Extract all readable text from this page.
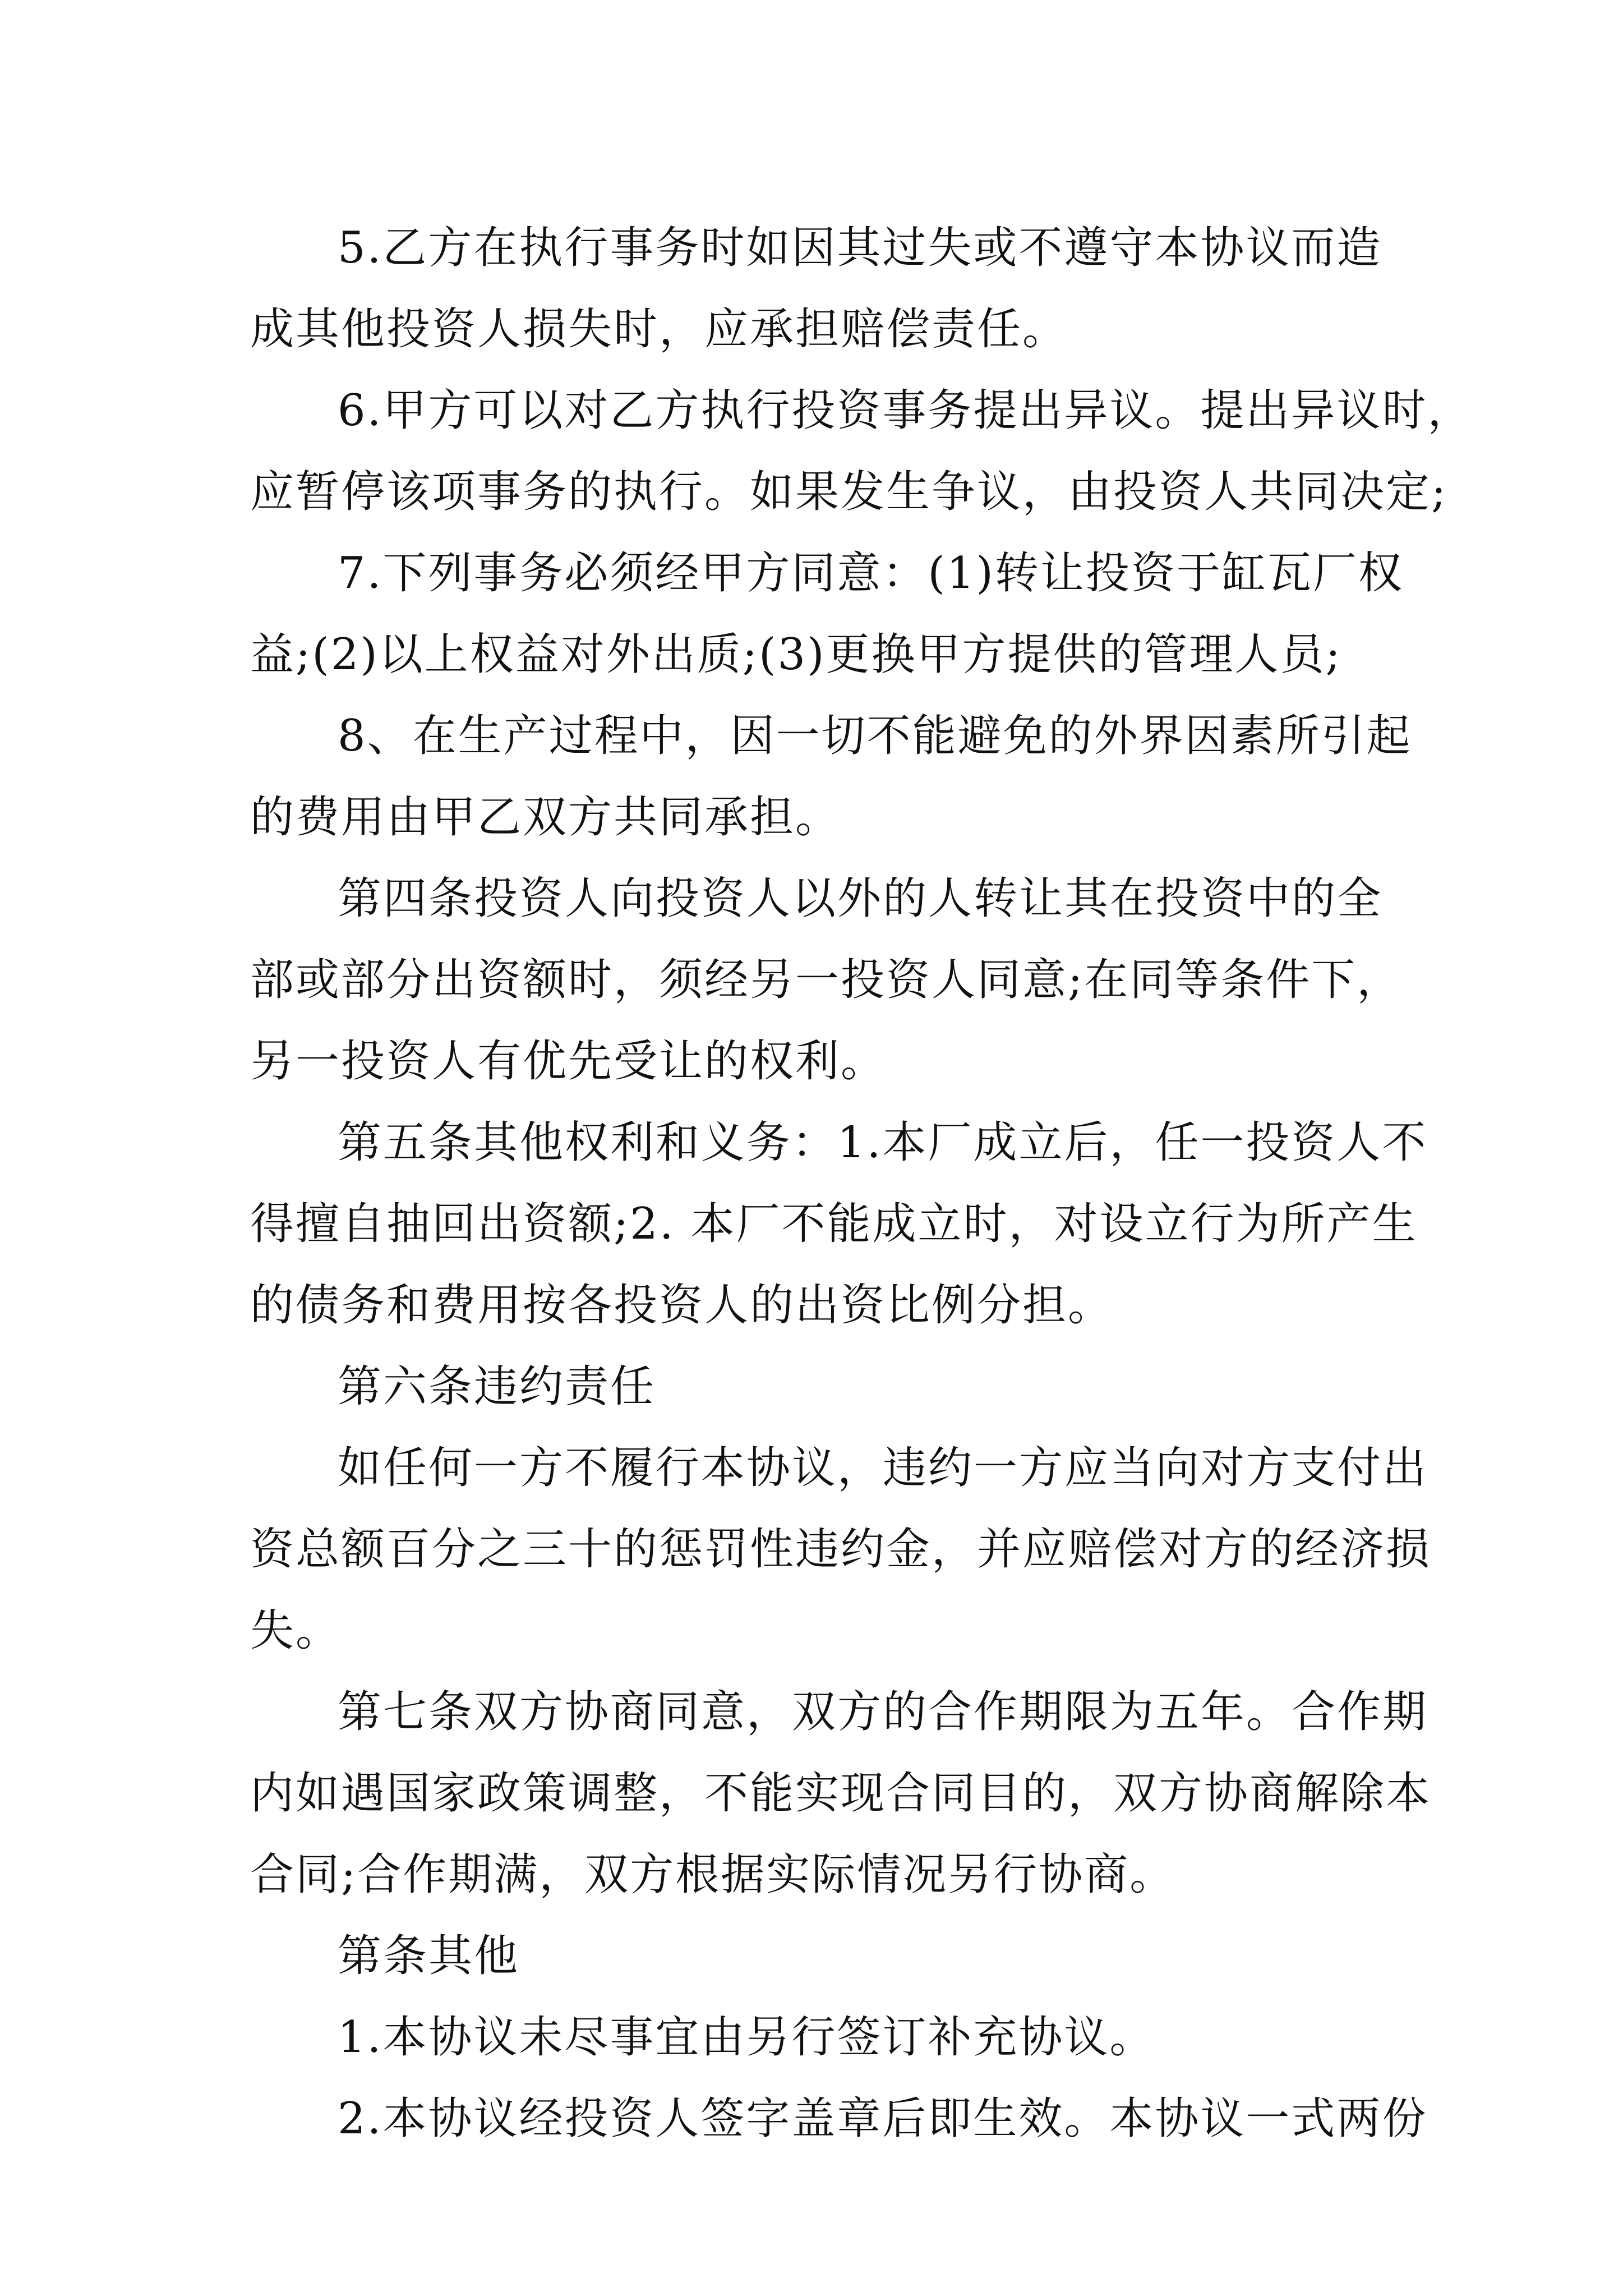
5.乙方在执行事务时如因其过失或不遵守本协议而造
成其他投资人损失时，应承担赔偿责任。
6.甲方可以对乙方执行投资事务提出异议。提出异议时，
应暂停该项事务的执行。如果发生争议，由投资人共同决定;
7.下列事务必须经甲方同意：(1)转让投资于缸瓦厂权
益;(2)以上权益对外出质;(3)更换甲方提供的管理人员;
8、在生产过程中，因一切不能避免的外界因素所引起
的费用由甲乙双方共同承担。
第四条投资人向投资人以外的人转让其在投资中的全
部或部分出资额时，须经另一投资人同意;在同等条件下，
另一投资人有优先受让的权利。
第五条其他权利和义务：1.本厂成立后，任一投资人不
得擅自抽回出资额;2. 本厂不能成立时，对设立行为所产生
的债务和费用按各投资人的出资比例分担。
第六条违约责任
如任何一方不履行本协议，违约一方应当向对方支付出
资总额百分之三十的惩罚性违约金，并应赔偿对方的经济损
失。
第七条双方协商同意，双方的合作期限为五年。合作期
内如遇国家政策调整，不能实现合同目的，双方协商解除本
合同;合作期满，双方根据实际情况另行协商。
第条其他
1.本协议未尽事宜由另行签订补充协议。
2.本协议经投资人签字盖章后即生效。本协议一式两份
